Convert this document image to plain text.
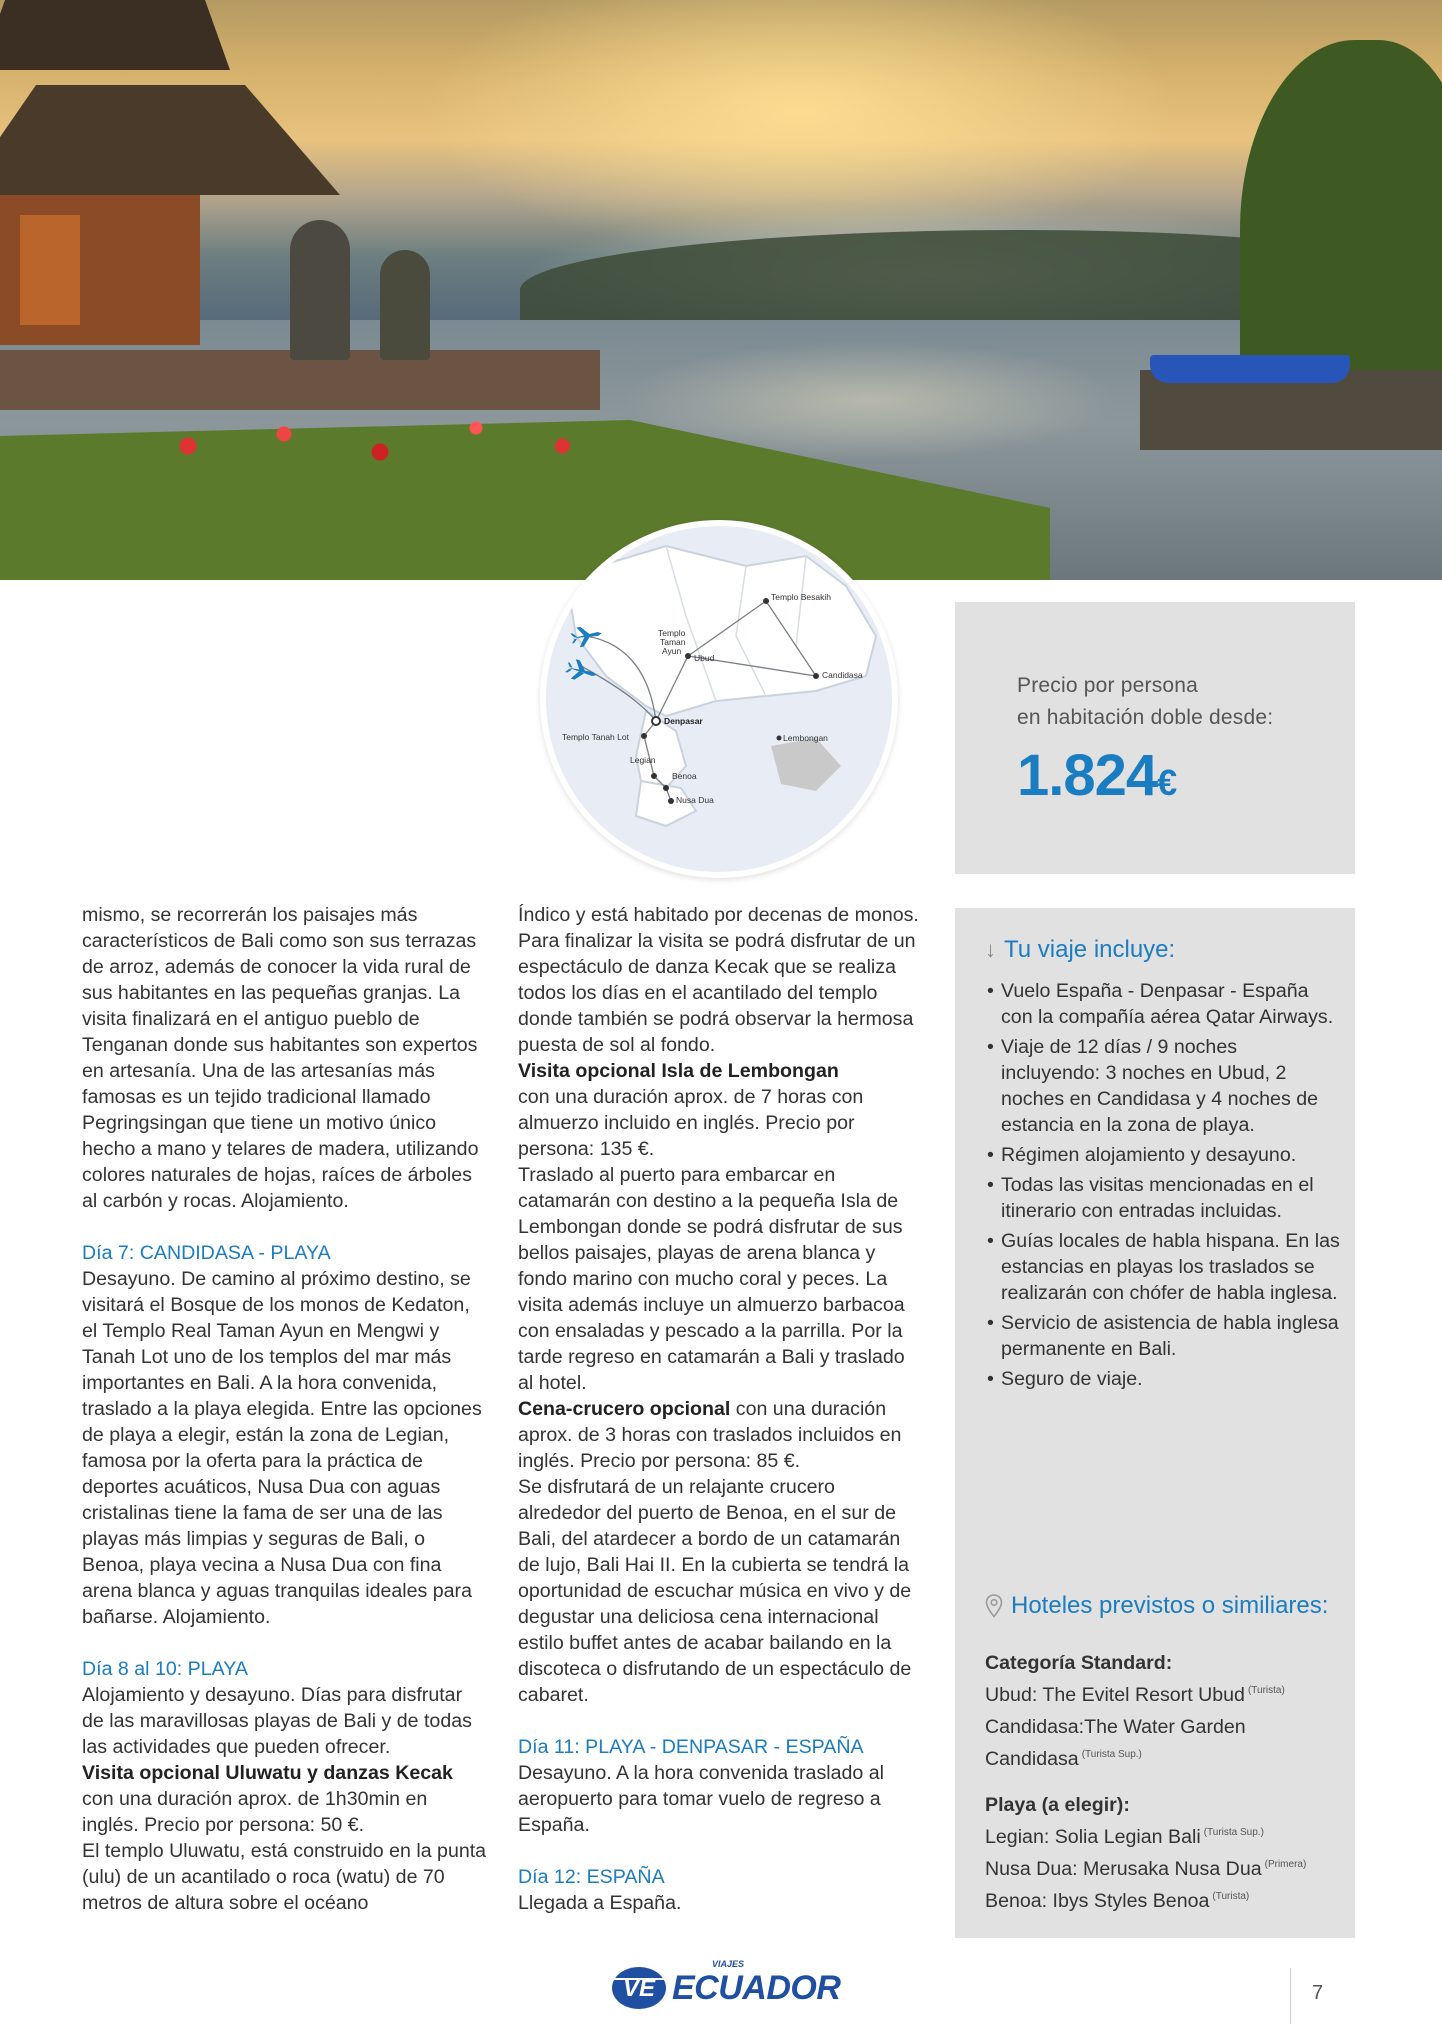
Templo Besakih
Templo
Taman
Ayun
Ubud
Candidasa
Denpasar
Templo Tanah Lot	Lembongan
Legian
Benoa
Nusa Dua
Precio por persona
en habitación doble desde:
1.824€

mismo, se recorrerán los paisajes más característicos de Bali como son sus terrazas de arroz, además de conocer la vida rural de sus habitantes en las pequeñas granjas. La visita finalizará en el antiguo pueblo de Tenganan donde sus habitantes son expertos en artesanía. Una de las artesanías más famosas es un tejido tradicional llamado Pegringsingan que tiene un motivo único hecho a mano y telares de madera, utilizando colores naturales de hojas, raíces de árboles al carbón y rocas. Alojamiento.

Día 7: CANDIDASA - PLAYA

Desayuno. De camino al próximo destino, se visitará el Bosque de los monos de Kedaton, el Templo Real Taman Ayun en Mengwi y Tanah Lot uno de los templos del mar más importantes en Bali. A la hora convenida, traslado a la playa elegida. Entre las opciones de playa a elegir, están la zona de Legian, famosa por la oferta para la práctica de deportes acuáticos, Nusa Dua con aguas cristalinas tiene la fama de ser una de las playas más limpias y seguras de Bali, o Benoa, playa vecina a Nusa Dua con fina arena blanca y aguas tranquilas ideales para bañarse. Alojamiento.

Día 8 al 10: PLAYA

Alojamiento y desayuno. Días para disfrutar de las maravillosas playas de Bali y de todas las actividades que pueden ofrecer.

Visita opcional Uluwatu y danzas Kecak con una duración aprox. de 1h30min en inglés. Precio por persona: 50 €.

El templo Uluwatu, está construido en la punta (ulu) de un acantilado o roca (watu) de 70 metros de altura sobre el océano

Índico y está habitado por decenas de monos. Para finalizar la visita se podrá disfrutar de un espectáculo de danza Kecak que se realiza todos los días en el acantilado del templo donde también se podrá observar la hermosa puesta de sol al fondo.

Visita opcional Isla de Lembongan

con una duración aprox. de 7 horas con almuerzo incluido en inglés. Precio por persona: 135 €.

Traslado al puerto para embarcar en catamarán con destino a la pequeña Isla de Lembongan donde se podrá disfrutar de sus bellos paisajes, playas de arena blanca y fondo marino con mucho coral y peces. La visita además incluye un almuerzo barbacoa con ensaladas y pescado a la parrilla. Por la tarde regreso en catamarán a Bali y traslado al hotel.

Cena-crucero opcional con una duración aprox. de 3 horas con traslados incluidos en inglés. Precio por persona: 85 €.

Se disfrutará de un relajante crucero alrededor del puerto de Benoa, en el sur de Bali, del atardecer a bordo de un catamarán de lujo, Bali Hai II. En la cubierta se tendrá la oportunidad de escuchar música en vivo y de degustar una deliciosa cena internacional estilo buffet antes de acabar bailando en la discoteca o disfrutando de un espectáculo de cabaret.

Día 11: PLAYA - DENPASAR - ESPAÑA

Desayuno. A la hora convenida traslado al aeropuerto para tomar vuelo de regreso a España.

Día 12: ESPAÑA

Llegada a España.

↓ Tu viaje incluye:
• Vuelo España - Denpasar - España con la compañía aérea Qatar Airways.
• Viaje de 12 días / 9 noches incluyendo: 3 noches en Ubud, 2 noches en Candidasa y 4 noches de estancia en la zona de playa.
• Régimen alojamiento y desayuno.
• Todas las visitas mencionadas en el itinerario con entradas incluidas.
• Guías locales de habla hispana. En las estancias en playas los traslados se realizarán con chófer de habla inglesa.
• Servicio de asistencia de habla inglesa permanente en Bali.
• Seguro de viaje.
Hoteles previstos o similiares:
Categoría Standard:
Ubud: The Evitel Resort Ubud $^{(Turista)}$
Candidasa:The Water Garden
Candidasa $^{(Turista Sup.)}$
Playa (a elegir):
Legian: Solia Legian Bali $^{(Turista Sup.)}$
Nusa Dua: Merusaka Nusa Dua $^{(Primera)}$
Benoa: Ibys Styles Benoa $^{(Turista)}$
VE
VIAJES
ECUADOR	7
